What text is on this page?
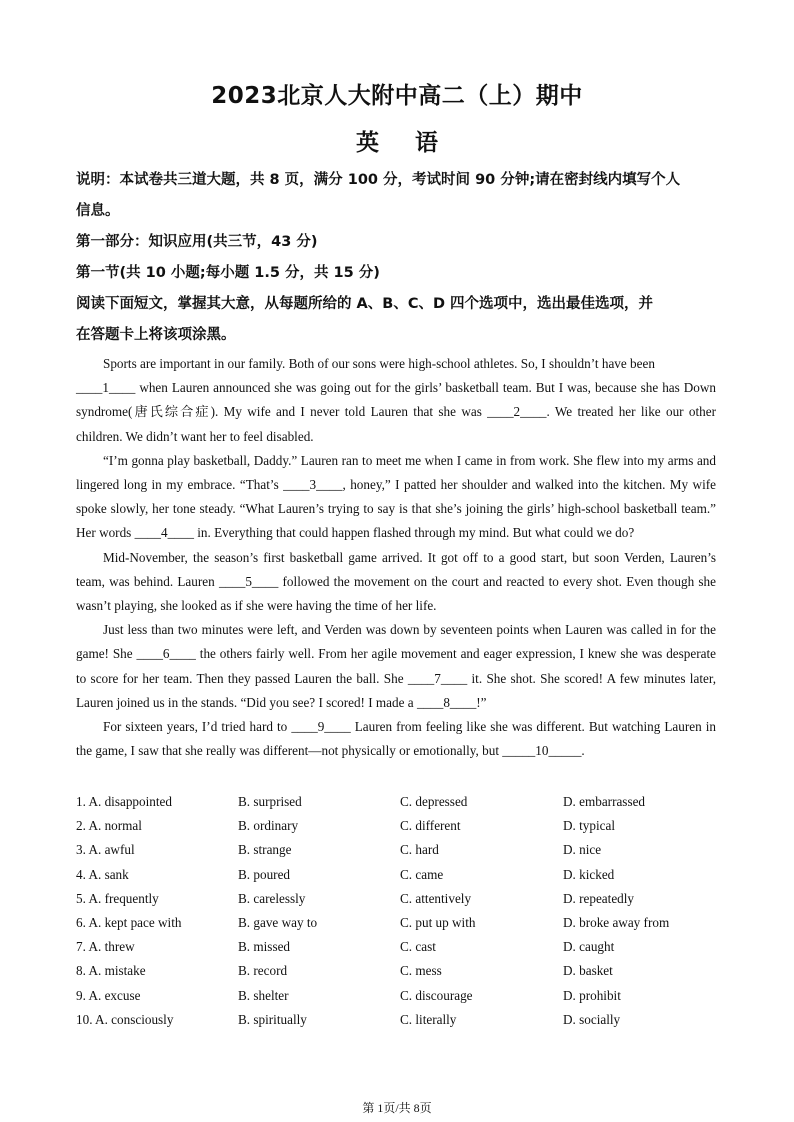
2023北京人大附中高二（上）期中
英语
说明：本试卷共三道大题，共 8 页，满分 100 分，考试时间 90 分钟;请在密封线内填写个人
信息。
第一部分：知识应用(共三节，43 分)
第一节(共 10 小题;每小题 1.5 分，共 15 分)
阅读下面短文，掌握其大意，从每题所给的 A、B、C、D 四个选项中，选出最佳选项，并
在答题卡上将该项涂黑。

Sports are important in our family. Both of our sons were high-school athletes. So, I shouldn’t have been
____1____ when Lauren announced she was going out for the girls’ basketball team. But I was, because she has Down syndrome(唐氏综合症). My wife and I never told Lauren that she was ____2____. We treated her like our other children. We didn’t want her to feel disabled.

“I’m gonna play basketball, Daddy.” Lauren ran to meet me when I came in from work. She flew into my arms and lingered long in my embrace. “That’s ____3____, honey,” I patted her shoulder and walked into the kitchen. My wife spoke slowly, her tone steady. “What Lauren’s trying to say is that she’s joining the girls’ high-school basketball team.” Her words ____4____ in. Everything that could happen flashed through my mind. But what could we do?

Mid-November, the season’s first basketball game arrived. It got off to a good start, but soon Verden, Lauren’s team, was behind. Lauren ____5____ followed the movement on the court and reacted to every shot. Even though she wasn’t playing, she looked as if she were having the time of her life.

Just less than two minutes were left, and Verden was down by seventeen points when Lauren was called in for the game! She ____6____ the others fairly well. From her agile movement and eager expression, I knew she was desperate to score for her team. Then they passed Lauren the ball. She ____7____ it. She shot. She scored! A few minutes later, Lauren joined us in the stands. “Did you see? I scored! I made a ____8____!”

For sixteen years, I’d tried hard to ____9____ Lauren from feeling like she was different. But watching Lauren in the game, I saw that she really was different—not physically or emotionally, but _____10_____.

1. A. disappointed	B. surprised	C. depressed	D. embarrassed
2. A. normal	B. ordinary	C. different	D. typical
3. A. awful	B. strange	C. hard	D. nice
4. A. sank	B. poured	C. came	D. kicked
5. A. frequently	B. carelessly	C. attentively	D. repeatedly
6. A. kept pace with	B. gave way to	C. put up with	D. broke away from
7. A. threw	B. missed	C. cast	D. caught
8. A. mistake	B. record	C. mess	D. basket
9. A. excuse	B. shelter	C. discourage	D. prohibit
10. A. consciously	B. spiritually	C. literally	D. socially
第 1页/共 8页
